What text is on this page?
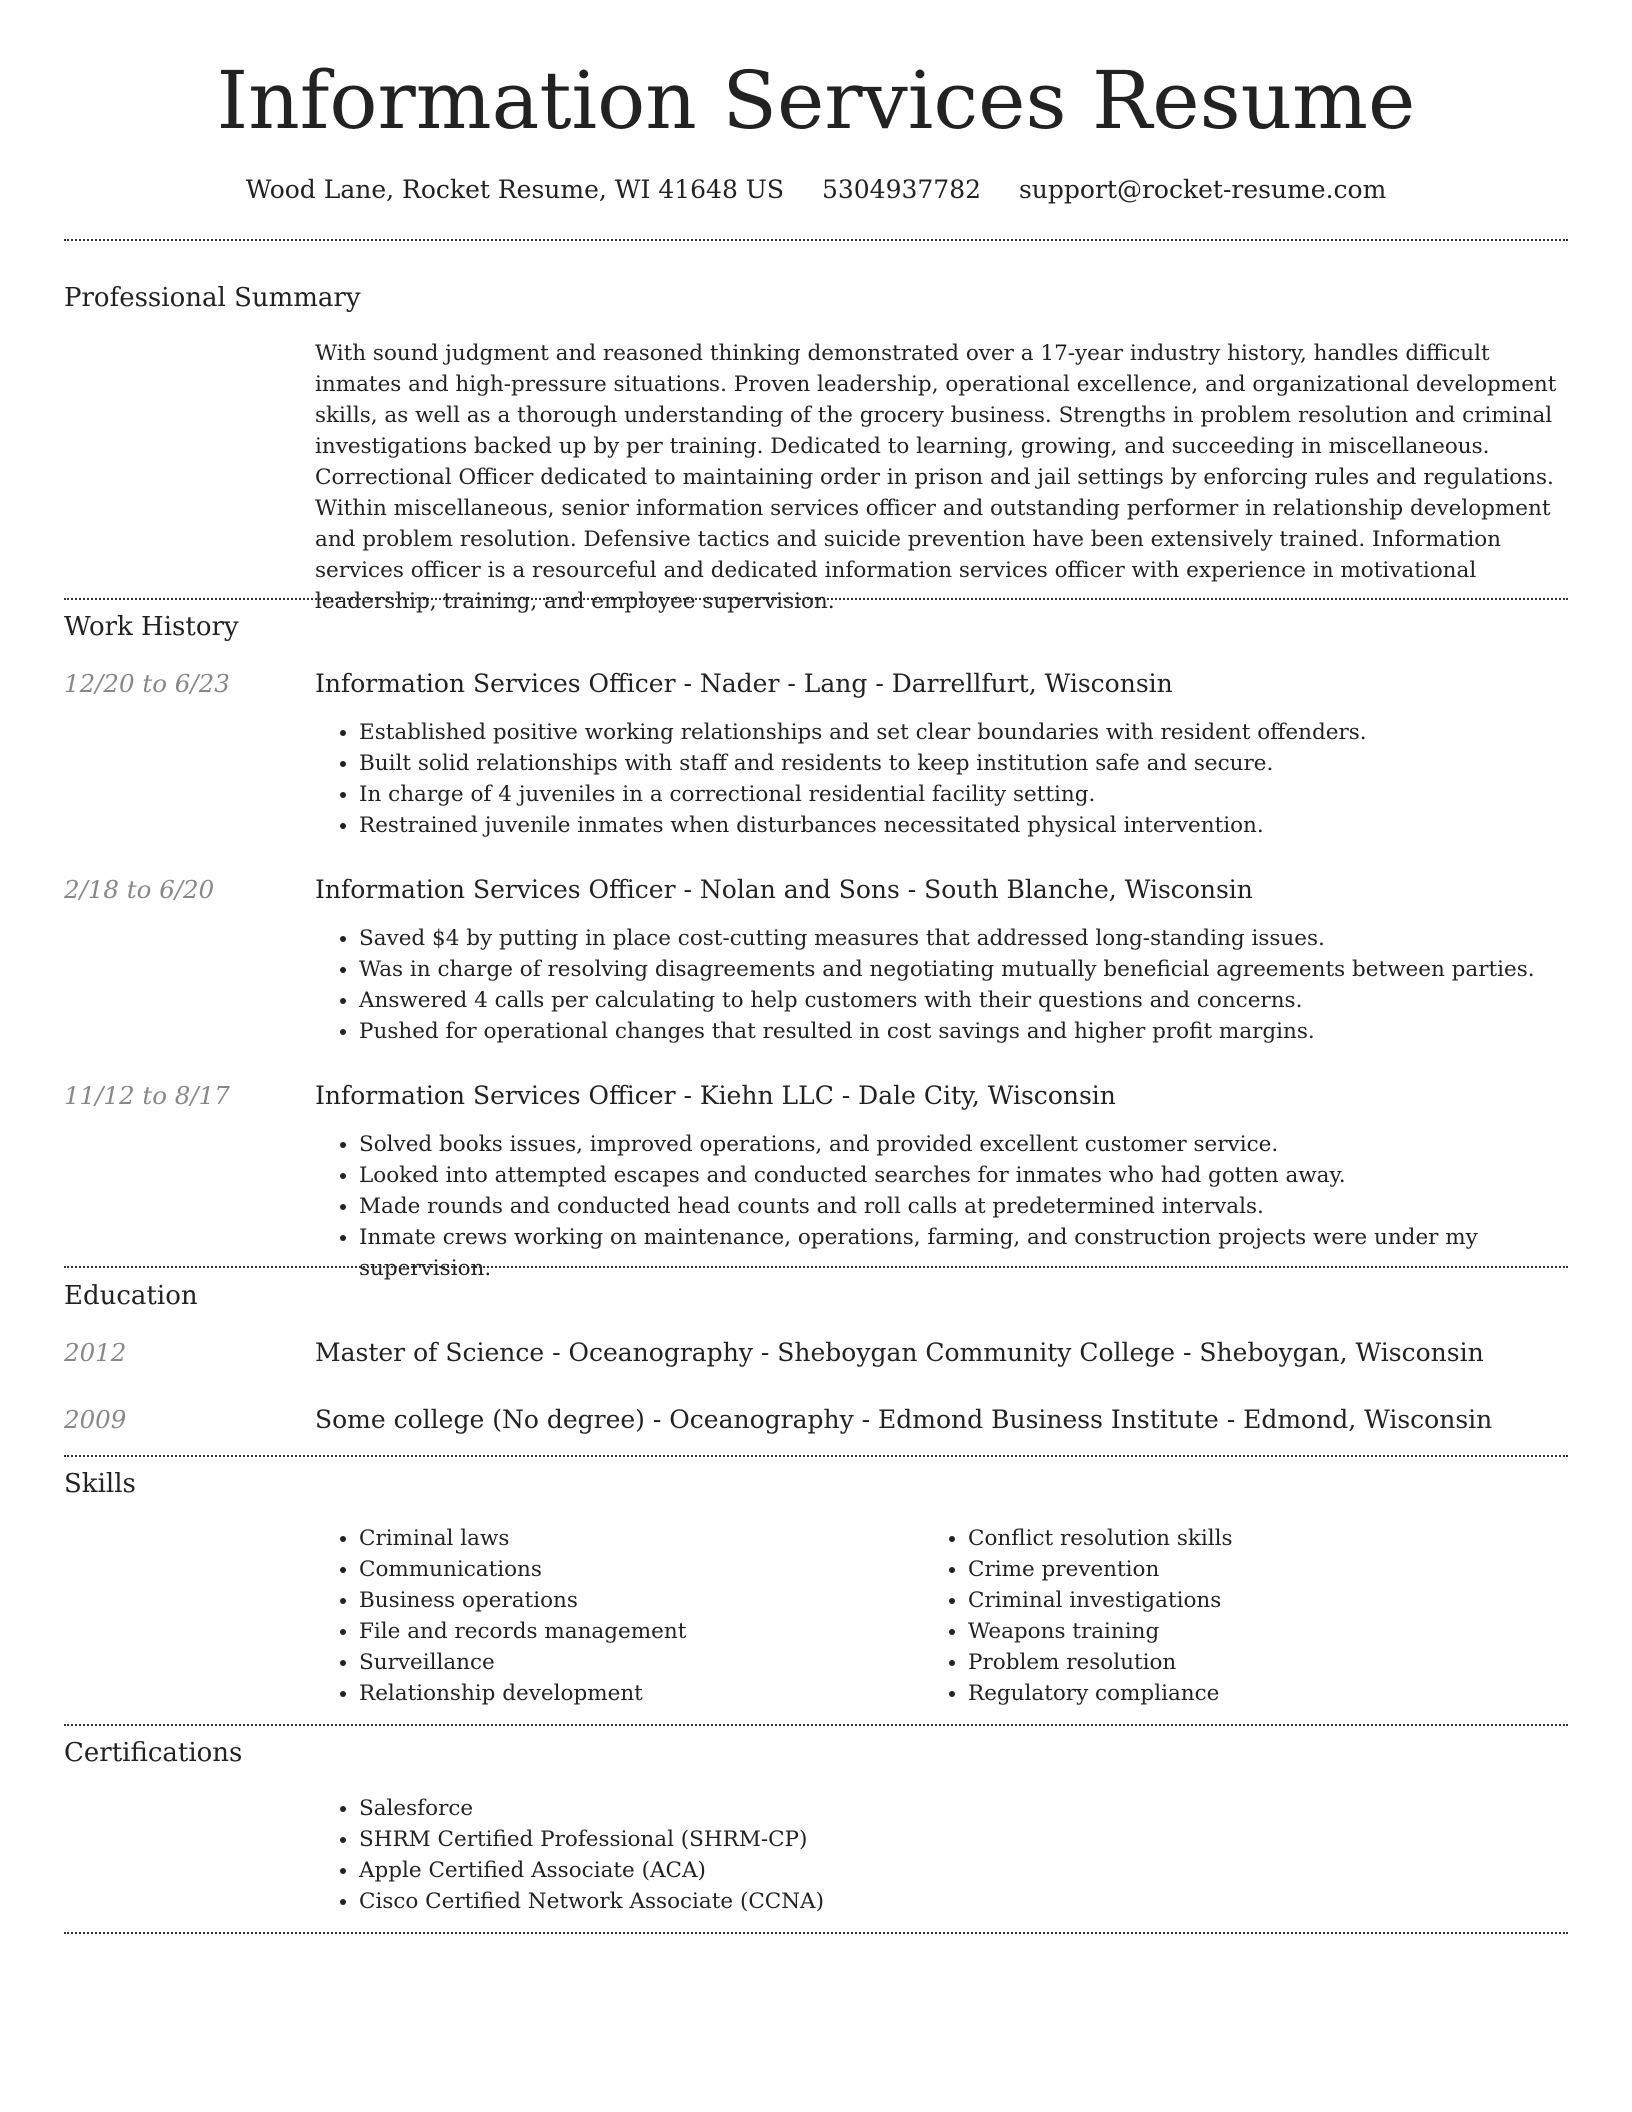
Information Services Resume
Wood Lane, Rocket Resume, WI 41648 US 5304937782 support@rocket-resume.com
Professional Summary

With sound judgment and reasoned thinking demonstrated over a 17-year industry history, handles difficult inmates and high-pressure situations. Proven leadership, operational excellence, and organizational development skills, as well as a thorough understanding of the grocery business. Strengths in problem resolution and criminal investigations backed up by per training. Dedicated to learning, growing, and succeeding in miscellaneous. Correctional Officer dedicated to maintaining order in prison and jail settings by enforcing rules and regulations. Within miscellaneous, senior information services officer and outstanding performer in relationship development and problem resolution. Defensive tactics and suicide prevention have been extensively trained. Information services officer is a resourceful and dedicated information services officer with experience in motivational leadership, training, and employee supervision.

Work History
12/20 to 6/23	Information Services Officer - Nader - Lang - Darrellfurt, Wisconsin
• Established positive working relationships and set clear boundaries with resident offenders.
• Built solid relationships with staff and residents to keep institution safe and secure.
• In charge of 4 juveniles in a correctional residential facility setting.
• Restrained juvenile inmates when disturbances necessitated physical intervention.
2/18 to 6/20	Information Services Officer - Nolan and Sons - South Blanche, Wisconsin
• Saved $4 by putting in place cost-cutting measures that addressed long-standing issues.
• Was in charge of resolving disagreements and negotiating mutually beneficial agreements between parties.
• Answered 4 calls per calculating to help customers with their questions and concerns.
• Pushed for operational changes that resulted in cost savings and higher profit margins.
11/12 to 8/17	Information Services Officer - Kiehn LLC - Dale City, Wisconsin
• Solved books issues, improved operations, and provided excellent customer service.
• Looked into attempted escapes and conducted searches for inmates who had gotten away.
• Made rounds and conducted head counts and roll calls at predetermined intervals.
• Inmate crews working on maintenance, operations, farming, and construction projects were under my supervision.
Education
2012	Master of Science - Oceanography - Sheboygan Community College - Sheboygan, Wisconsin
2009	Some college (No degree) - Oceanography - Edmond Business Institute - Edmond, Wisconsin
Skills
• Criminal laws
• Communications
• Business operations
• File and records management
• Surveillance
• Relationship development
• Conflict resolution skills
• Crime prevention
• Criminal investigations
• Weapons training
• Problem resolution
• Regulatory compliance
Certifications
• Salesforce
• SHRM Certified Professional (SHRM-CP)
• Apple Certified Associate (ACA)
• Cisco Certified Network Associate (CCNA)
